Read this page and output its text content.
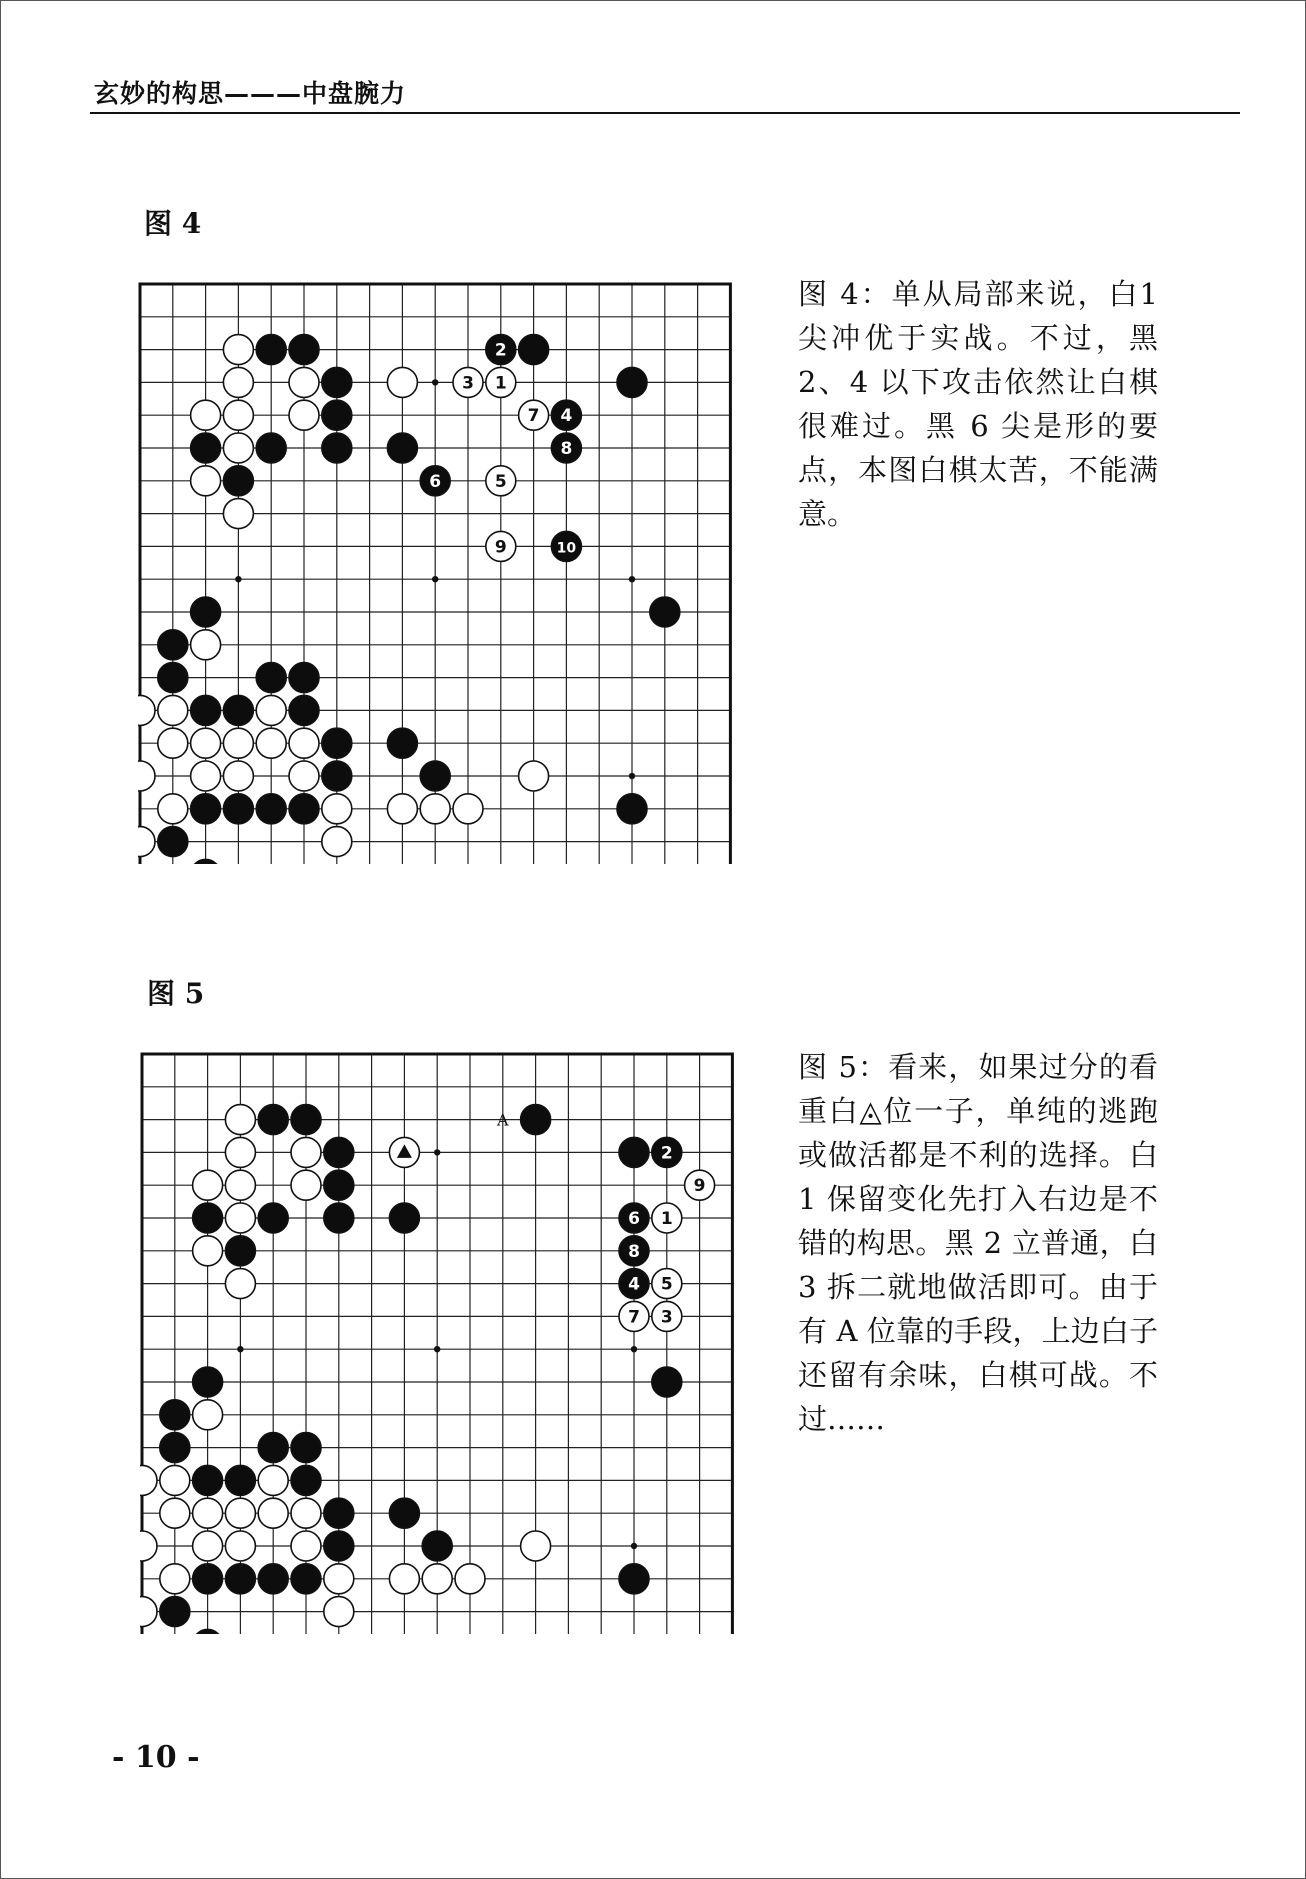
玄妙的构思———中盘腕力
图 4
2
3 1
7 4
8
6	5
9	10
图 4：单从局部来说，白1尖冲优于实战。不过，黑 2、4 以下攻击依然让白棋很难过。黑 6 尖是形的要点，本图白棋太苦，不能满意。
图 5
A
2
9
6 1
8
4 5
7 3
图 5：看来，如果过分的看重白◬位一子，单纯的逃跑或做活都是不利的选择。白 1 保留变化先打入右边是不错的构思。黑 2 立普通，白 3 拆二就地做活即可。由于有 A 位靠的手段，上边白子还留有余味，白棋可战。不过……
- 10 -
